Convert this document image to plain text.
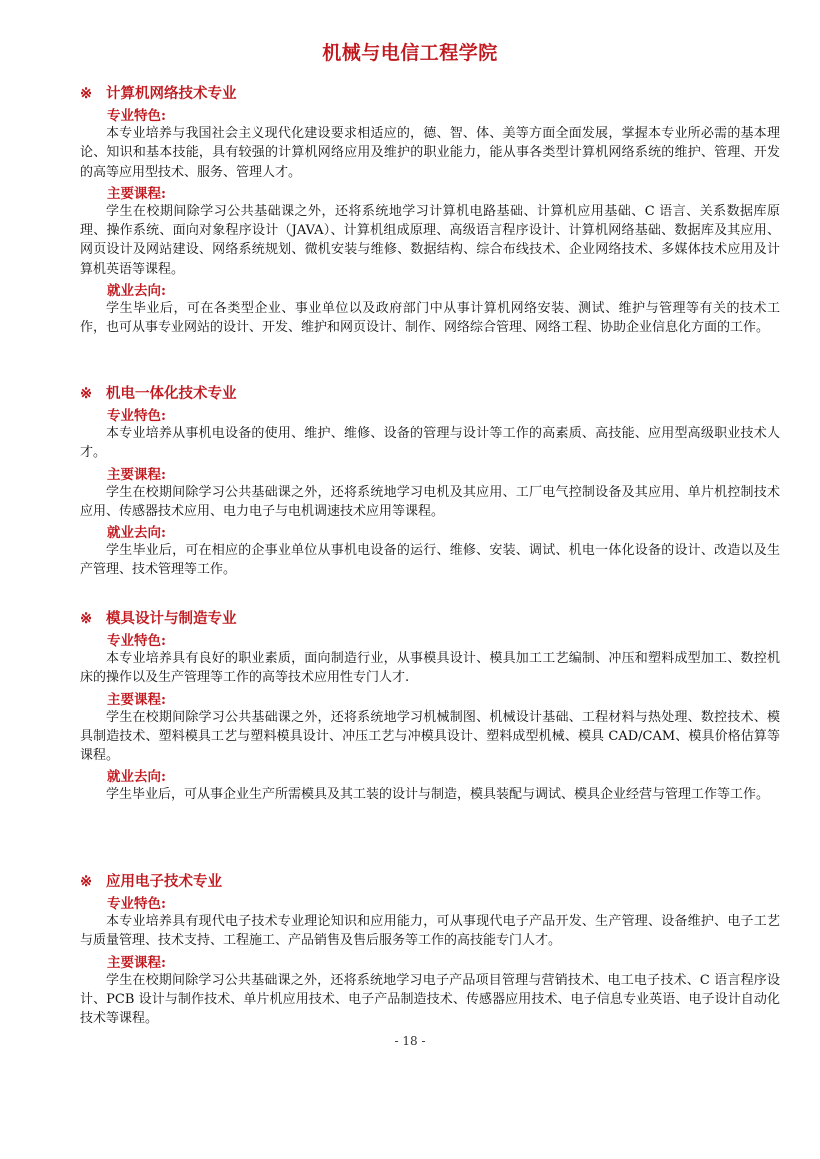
机械与电信工程学院
※ 计算机网络技术专业
专业特色:

本专业培养与我国社会主义现代化建设要求相适应的，德、智、体、美等方面全面发展，掌握本专业所必需的基本理论、知识和基本技能，具有较强的计算机网络应用及维护的职业能力，能从事各类型计算机网络系统的维护、管理、开发的高等应用型技术、服务、管理人才。

主要课程:

学生在校期间除学习公共基础课之外，还将系统地学习计算机电路基础、计算机应用基础、C 语言、关系数据库原理、操作系统、面向对象程序设计（JAVA）、计算机组成原理、高级语言程序设计、计算机网络基础、数据库及其应用、网页设计及网站建设、网络系统规划、微机安装与维修、数据结构、综合布线技术、企业网络技术、多媒体技术应用及计算机英语等课程。

就业去向:

学生毕业后，可在各类型企业、事业单位以及政府部门中从事计算机网络安装、测试、维护与管理等有关的技术工作，也可从事专业网站的设计、开发、维护和网页设计、制作、网络综合管理、网络工程、协助企业信息化方面的工作。

※ 机电一体化技术专业
专业特色:

本专业培养从事机电设备的使用、维护、维修、设备的管理与设计等工作的高素质、高技能、应用型高级职业技术人才。

主要课程:

学生在校期间除学习公共基础课之外，还将系统地学习电机及其应用、工厂电气控制设备及其应用、单片机控制技术应用、传感器技术应用、电力电子与电机调速技术应用等课程。

就业去向:

学生毕业后，可在相应的企事业单位从事机电设备的运行、维修、安装、调试、机电一体化设备的设计、改造以及生产管理、技术管理等工作。

※ 模具设计与制造专业
专业特色:

本专业培养具有良好的职业素质，面向制造行业，从事模具设计、模具加工工艺编制、冲压和塑料成型加工、数控机床的操作以及生产管理等工作的高等技术应用性专门人才.

主要课程:

学生在校期间除学习公共基础课之外，还将系统地学习机械制图、机械设计基础、工程材料与热处理、数控技术、模具制造技术、塑料模具工艺与塑料模具设计、冲压工艺与冲模具设计、塑料成型机械、模具 CAD/CAM、模具价格估算等课程。

就业去向:

学生毕业后，可从事企业生产所需模具及其工装的设计与制造，模具装配与调试、模具企业经营与管理工作等工作。

※ 应用电子技术专业
专业特色:

本专业培养具有现代电子技术专业理论知识和应用能力，可从事现代电子产品开发、生产管理、设备维护、电子工艺与质量管理、技术支持、工程施工、产品销售及售后服务等工作的高技能专门人才。

主要课程:

学生在校期间除学习公共基础课之外，还将系统地学习电子产品项目管理与营销技术、电工电子技术、C 语言程序设计、PCB 设计与制作技术、单片机应用技术、电子产品制造技术、传感器应用技术、电子信息专业英语、电子设计自动化技术等课程。

- 18 -
